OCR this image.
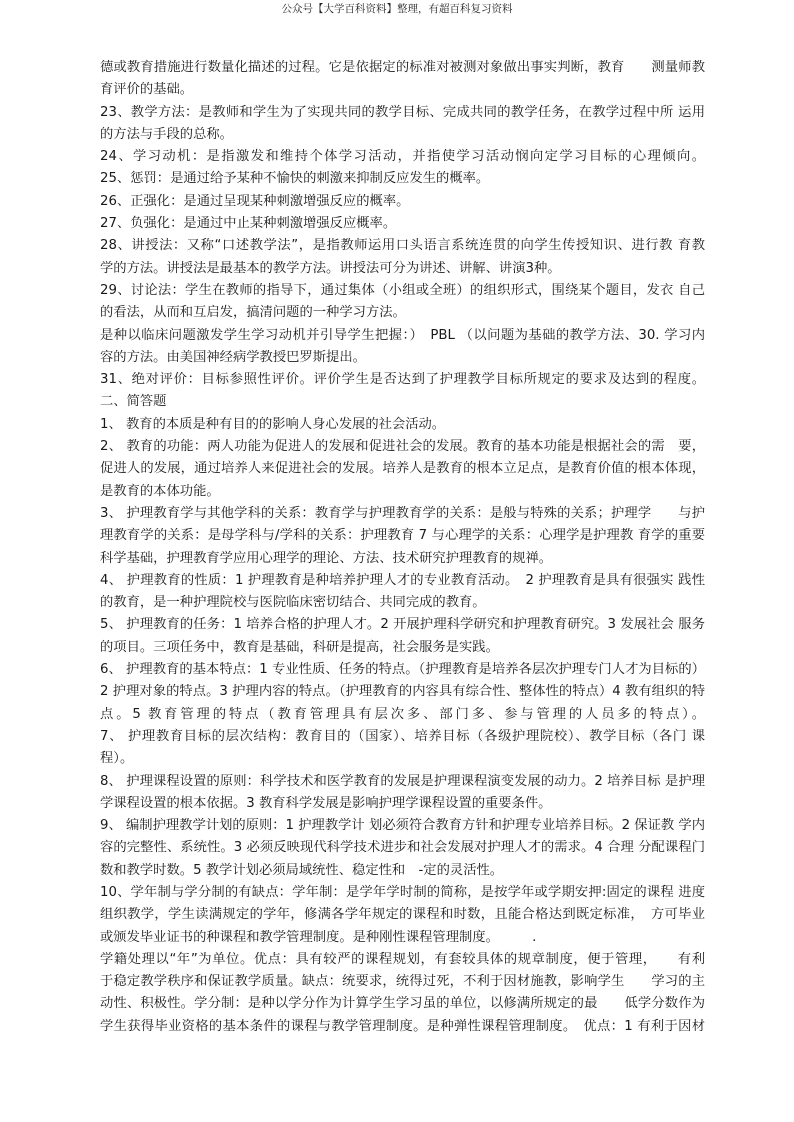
公众号【大学百科资料】整理，有超百科复习资料
德或教育措施进行数量化描述的过程。它是依据定的标准对被测对象做出事实判断，教育　　测量师教
育评价的基础。
23、教学方法：是教师和学生为了实现共同的教学目标、完成共同的教学任务，在教学过程中所 运用
的方法与手段的总称。
24、学习动机：是指激发和维持个体学习活动，并指使学习活动悯向定学习目标的心理倾向。
25、惩罚：是通过给予某种不愉快的刺激来抑制反应发生的概率。
26、正强化：是通过呈现某种刺激增强反应的概率。
27、负强化：是通过中止某种刺激增强反应概率。
28、讲授法：又称“口述教学法”，是指教师运用口头语言系统连贯的向学生传授知识、进行教 育教
学的方法。讲授法是最基本的教学方法。讲授法可分为讲述、讲解、讲演3种。
29、讨论法：学生在教师的指导下，通过集体（小组或全班）的组织形式，围绕某个题目，发衣 自己
的看法，从而和互启发，搞清问题的一种学习方法。
是种以临床问题激发学生学习动机并引导学生把握：）　PBL （以问题为基础的教学方法、30. 学习内
容的方法。由美国神经病学教授巴罗斯提出。
31、绝对评价：目标参照性评价。评价学生是否达到了护理教学目标所规定的要求及达到的程度。
二、简答题
1、 教育的本质是种有目的的影响人身心发展的社会活动。
2、 教育的功能：两人功能为促进人的发展和促进社会的发展。教育的基本功能是根据社会的需　要，
促进人的发展，通过培养人来促进社会的发展。培养人是教育的根本立足点，是教育价值的根本体现，
是教育的本体功能。
3、 护理教育学与其他学科的关系：教育学与护理教育学的关系：是般与特殊的关系；护理学　　与护
理教育学的关系：是母学科与/学科的关系：护理教育 7 与心理学的关系：心理学是护理教 育学的重要
科学基础，护理教育学应用心理学的理论、方法、技术研究护理教育的规禅。
4、 护理教育的性质：1 护理教育是种培养护理人才的专业教育活动。　2 护理教育是具有很强实 践性
的教育，是一种护理院校与医院临床密切结合、共同完成的教育。
5、 护理教育的任务：1 培养合格的护理人才。2 开展护理科学研究和护理教育研究。3 发展社会 服务
的项目。三项任务中，教育是基础，科研是提高，社会服务是实践。
6、 护理教育的基本特点：1 专业性质、任务的特点。（护理教育是培养各层次护理专门人才为目标的）
2 护理对象的特点。3 护理内容的特点。（护理教育的内容具有综合性、整体性的特点）4 教有组织的特
点。5 教育管理的特点（教育管理具有层次多、部门多、参与管理的人员多的特点）。
7、 护理教育目标的层次结构：教育目的（国家）、培养目标（各级护理院校）、教学目标（各门 课
程）。
8、 护理课程设置的原则：科学技术和医学教育的发展是护理课程演变发展的动力。2 培养目标 是护理
学课程设置的根本依据。3 教育科学发展是影响护理学课程设置的重要条件。
9、 编制护理教学计划的原则：1 护理教学计 划必须符合教育方针和护理专业培养目标。2 保证教 学内
容的完整性、系统性。3 必须反映现代科学技术进步和社会发展对护理人才的需求。4 合理 分配课程门
数和教学时数。5 教学计划必须局域统性、稳定性和　-定的灵活性。
10、学年制与学分制的有缺点：学年制：是学年学时制的简称，是按学年或学期安押:固定的课程 进度
组织教学，学生读满规定的学年，修满各学年规定的课程和时数，且能合格达到既定标准，　方可毕业
或颁发毕业证书的种课程和教学管理制度。是种刚性课程管理制度。　　　.
学籍处理以“年”为单位。优点：具有较严的课程规划，有套较具体的规章制度，便于管理，　　有利
于稳定教学秩序和保证教学质量。缺点：统要求，统得过死，不利于因材施教，影响学生　　学习的主
动性、积极性。学分制：是种以学分作为计算学生学习虽的单位，以修满所规定的最　　低学分数作为
学生获得毕业资格的基本条件的课程与教学管理制度。是种弹性课程管理制度。　优点：1 有利于因材
